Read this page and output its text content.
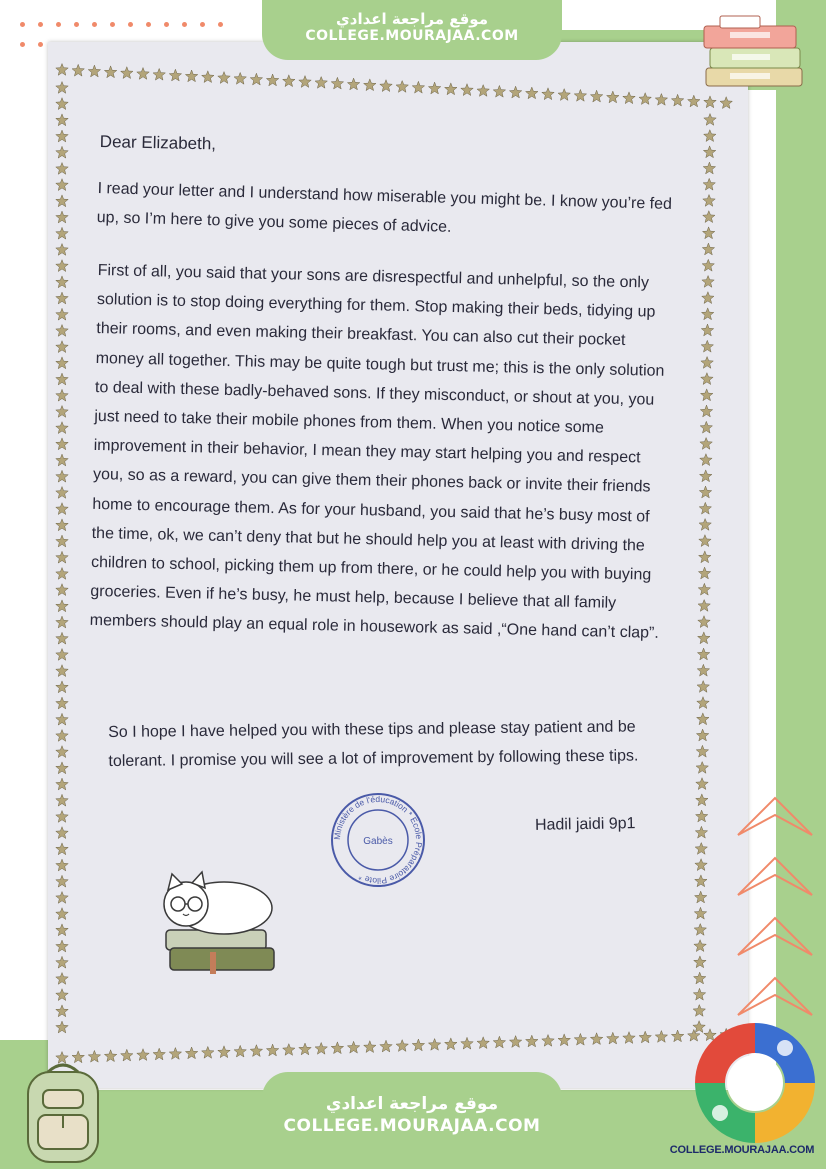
موقع مراجعة اعدادي
COLLEGE.MOURAJAA.COM
Dear Elizabeth,
I read your letter and I understand how miserable you might be. I know you’re fed up, so I’m here to give you some pieces of advice.
First of all, you said that your sons are disrespectful and unhelpful, so the only solution is to stop doing everything for them. Stop making their beds, tidying up their rooms, and even making their breakfast. You can also cut their pocket money all together. This may be quite tough but trust me; this is the only solution to deal with these badly-behaved sons. If they misconduct, or shout at you, you just need to take their mobile phones from them. When you notice some improvement in their behavior, I mean they may start helping you and respect you, so as a reward, you can give them their phones back or invite their friends home to encourage them. As for your husband, you said that he’s busy most of the time, ok, we can’t deny that but he should help you at least with driving the children to school, picking them up from there, or he could help you with buying groceries. Even if he’s busy, he must help, because I believe that all family members should play an equal role in housework as said ,“One hand can’t clap”.
So I hope I have helped you with these tips and please stay patient and be tolerant. I promise you will see a lot of improvement by following these tips.
Hadil jaidi 9p1
Ministère de l'éducation * Ecole Préparatoire Pilote *
Gabès
موقع مراجعة اعدادي
COLLEGE.MOURAJAA.COM
COLLEGE.MOURAJAA.COM
